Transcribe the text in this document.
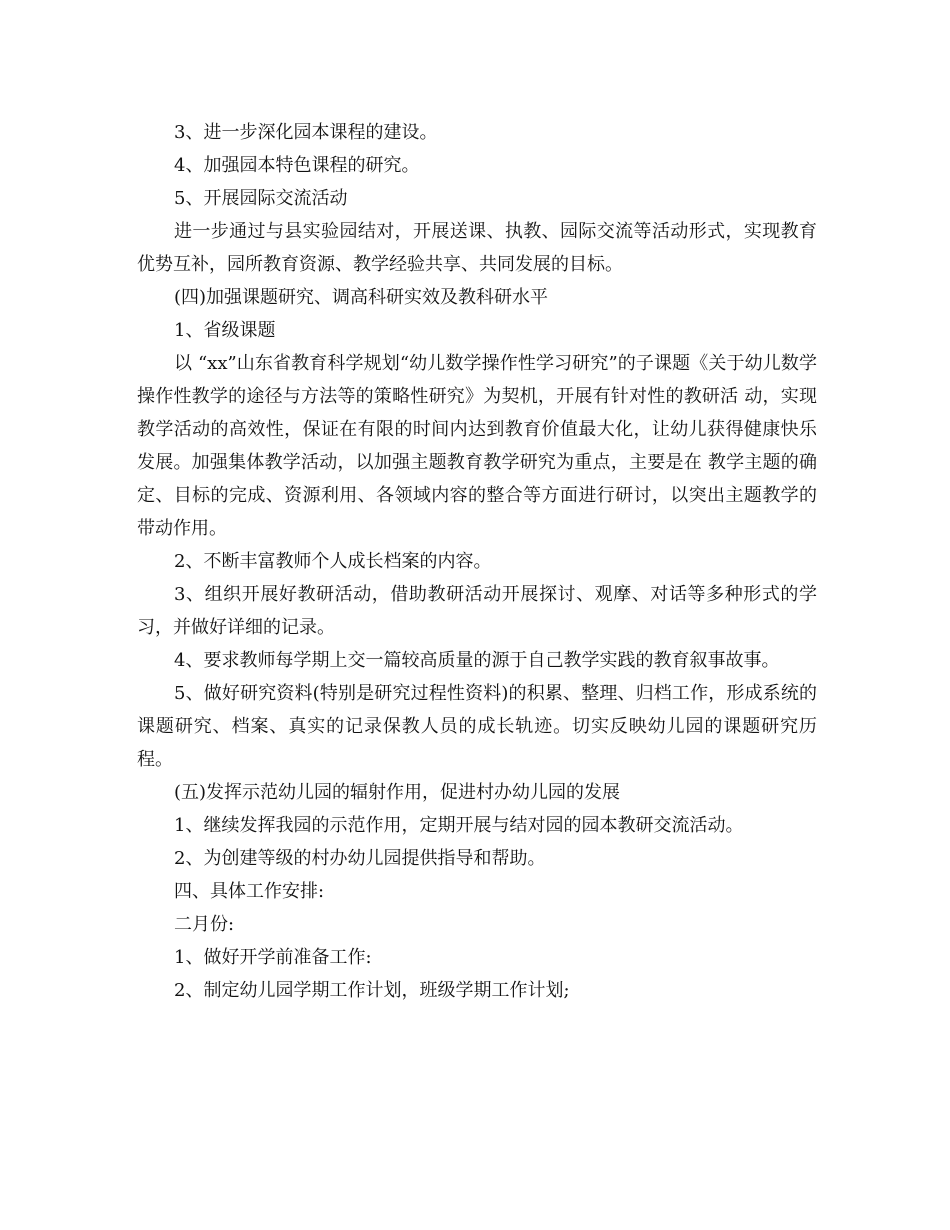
3、进一步深化园本课程的建设。

4、加强园本特色课程的研究。

5、开展园际交流活动

进一步通过与县实验园结对，开展送课、执教、园际交流等活动形式，实现教育优势互补，园所教育资源、教学经验共享、共同发展的目标。

(四)加强课题研究、调高科研实效及教科研水平

1、省级课题

以 “xx”山东省教育科学规划“幼儿数学操作性学习研究”的子课题《关于幼儿数学操作性教学的途径与方法等的策略性研究》为契机，开展有针对性的教研活 动，实现教学活动的高效性，保证在有限的时间内达到教育价值最大化，让幼儿获得健康快乐发展。加强集体教学活动，以加强主题教育教学研究为重点，主要是在 教学主题的确定、目标的完成、资源利用、各领域内容的整合等方面进行研讨，以突出主题教学的带动作用。

2、不断丰富教师个人成长档案的内容。

3、组织开展好教研活动，借助教研活动开展探讨、观摩、对话等多种形式的学习，并做好详细的记录。

4、要求教师每学期上交一篇较高质量的源于自己教学实践的教育叙事故事。

5、做好研究资料(特别是研究过程性资料)的积累、整理、归档工作，形成系统的课题研究、档案、真实的记录保教人员的成长轨迹。切实反映幼儿园的课题研究历程。

(五)发挥示范幼儿园的辐射作用，促进村办幼儿园的发展

1、继续发挥我园的示范作用，定期开展与结对园的园本教研交流活动。

2、为创建等级的村办幼儿园提供指导和帮助。

四、具体工作安排:

二月份:

1、做好开学前准备工作:

2、制定幼儿园学期工作计划，班级学期工作计划;
